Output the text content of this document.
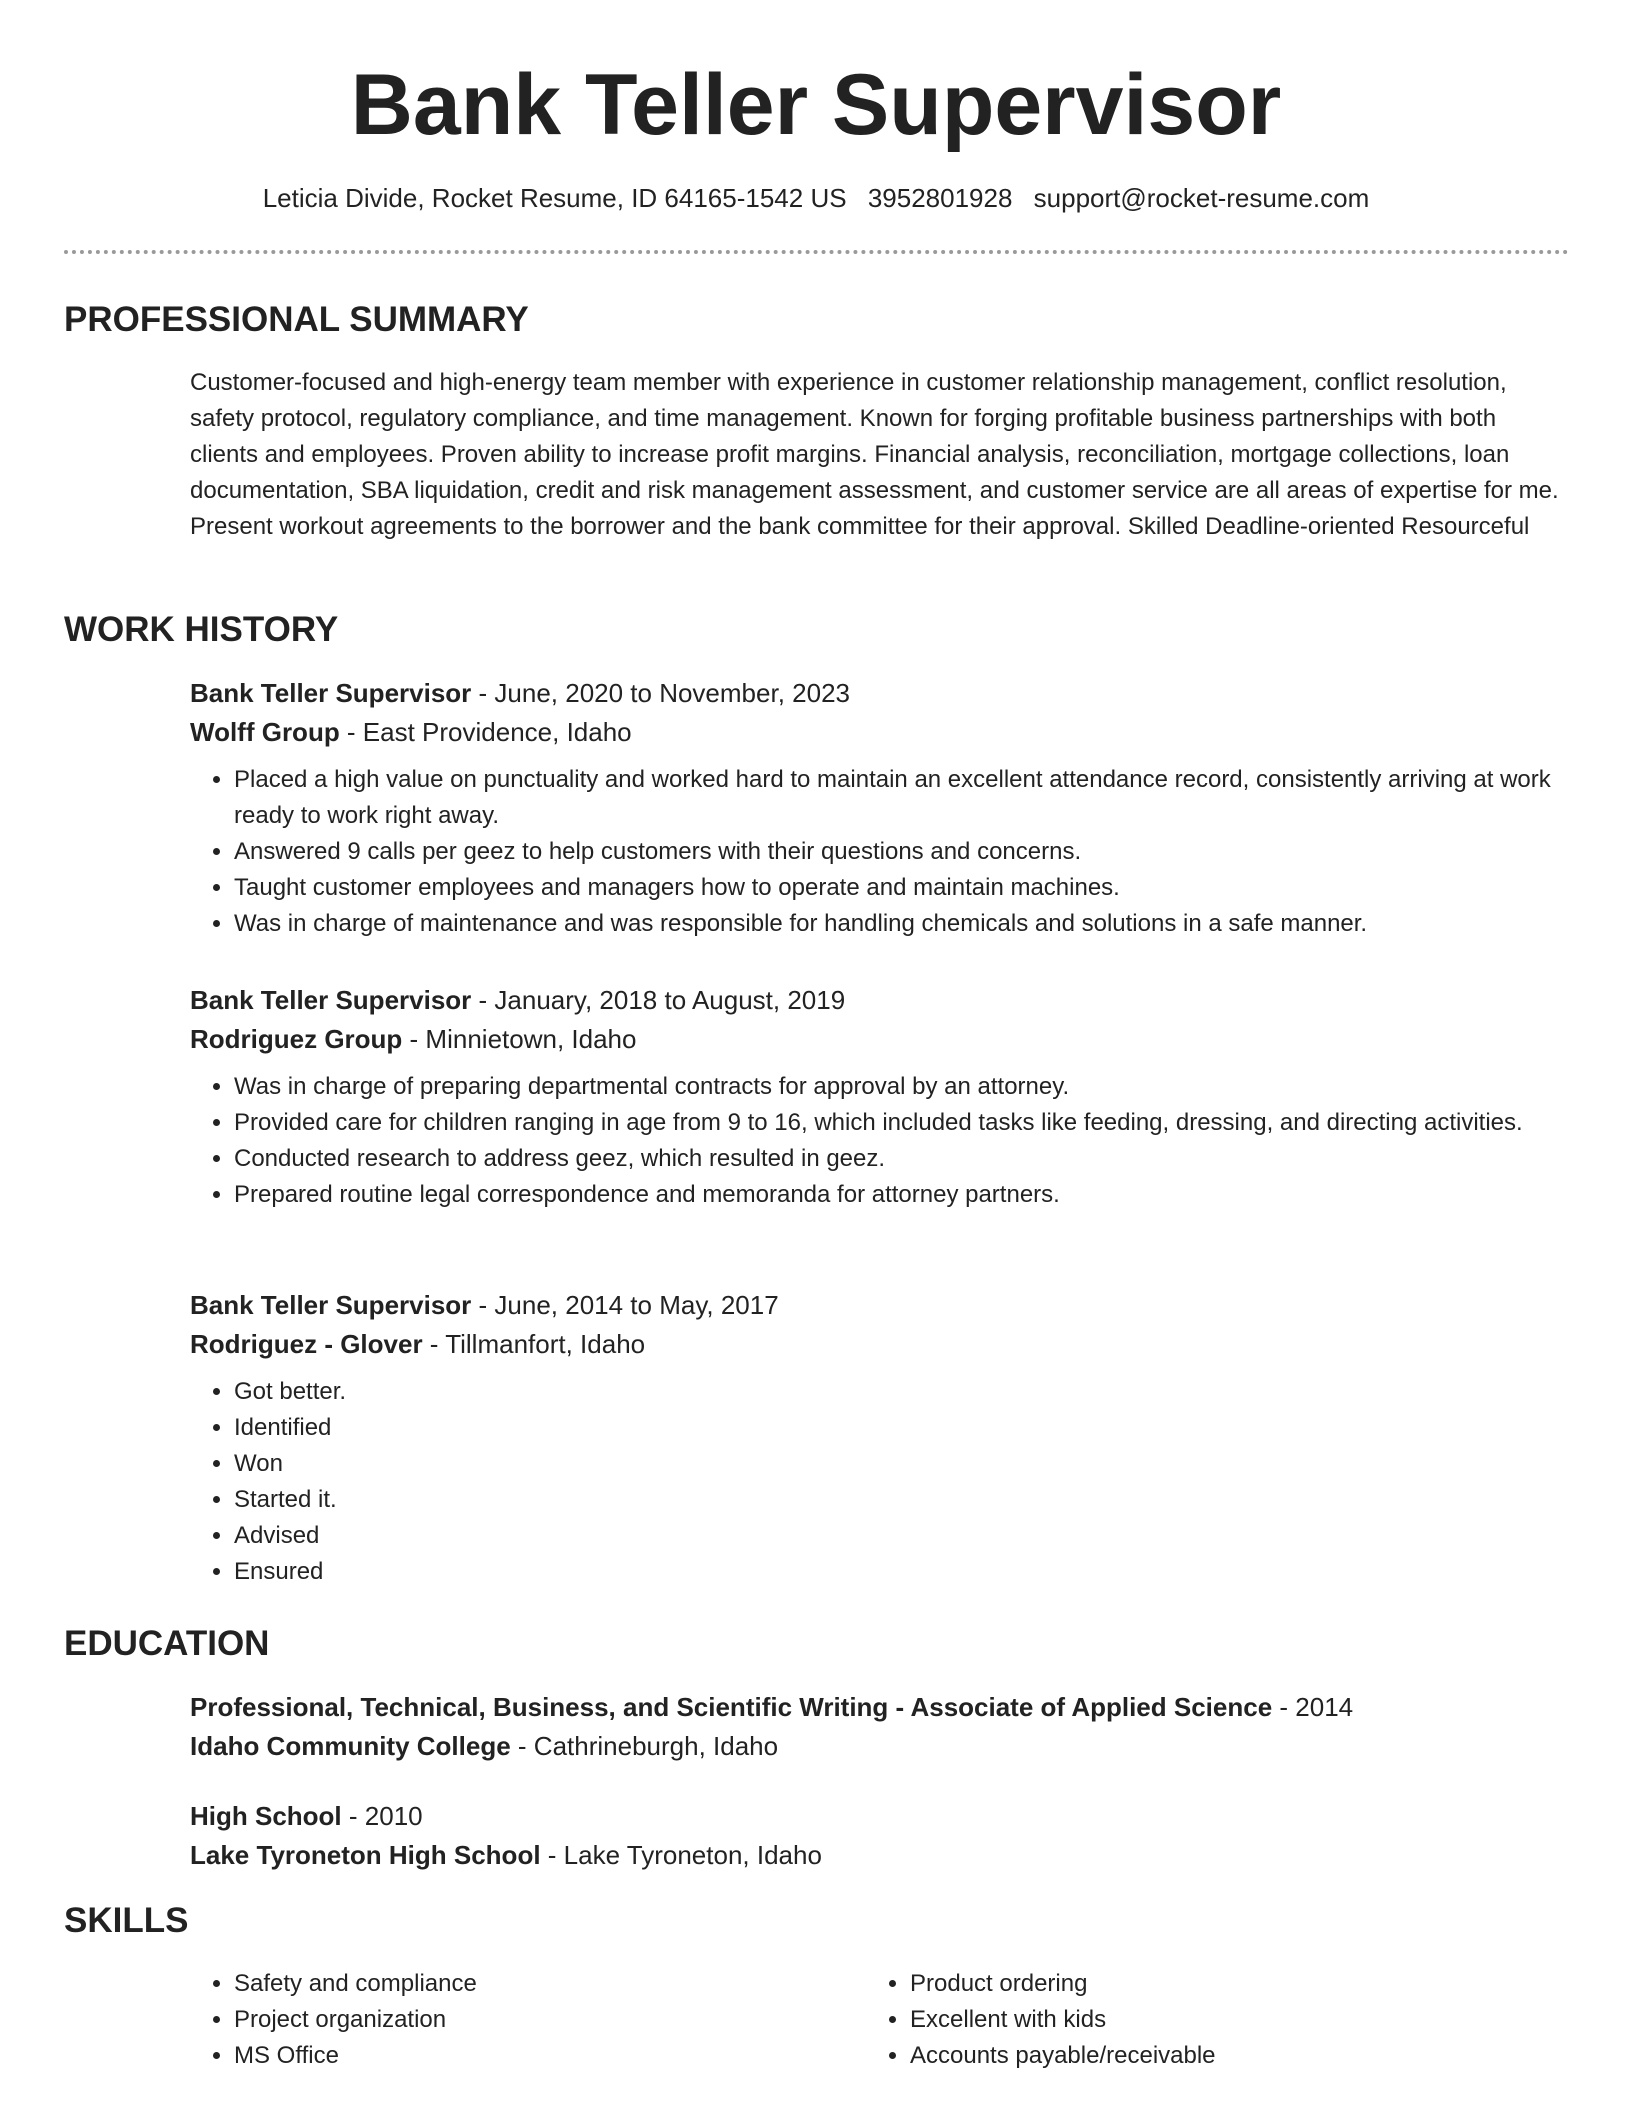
Bank Teller Supervisor
Leticia Divide, Rocket Resume, ID 64165-1542 US 3952801928 support@rocket-resume.com
PROFESSIONAL SUMMARY

Customer-focused and high-energy team member with experience in customer relationship management, conflict resolution, safety protocol, regulatory compliance, and time management. Known for forging profitable business partnerships with both clients and employees. Proven ability to increase profit margins. Financial analysis, reconciliation, mortgage collections, loan documentation, SBA liquidation, credit and risk management assessment, and customer service are all areas of expertise for me. Present workout agreements to the borrower and the bank committee for their approval. Skilled Deadline-oriented Resourceful

WORK HISTORY
Bank Teller Supervisor - June, 2020 to November, 2023
Wolff Group - East Providence, Idaho
• Placed a high value on punctuality and worked hard to maintain an excellent attendance record, consistently arriving at work ready to work right away.
• Answered 9 calls per geez to help customers with their questions and concerns.
• Taught customer employees and managers how to operate and maintain machines.
• Was in charge of maintenance and was responsible for handling chemicals and solutions in a safe manner.
Bank Teller Supervisor - January, 2018 to August, 2019
Rodriguez Group - Minnietown, Idaho
• Was in charge of preparing departmental contracts for approval by an attorney.
• Provided care for children ranging in age from 9 to 16, which included tasks like feeding, dressing, and directing activities.
• Conducted research to address geez, which resulted in geez.
• Prepared routine legal correspondence and memoranda for attorney partners.
Bank Teller Supervisor - June, 2014 to May, 2017
Rodriguez - Glover - Tillmanfort, Idaho
• Got better.
• Identified
• Won
• Started it.
• Advised
• Ensured
EDUCATION
Professional, Technical, Business, and Scientific Writing - Associate of Applied Science - 2014
Idaho Community College - Cathrineburgh, Idaho
High School - 2010
Lake Tyroneton High School - Lake Tyroneton, Idaho
SKILLS
• Safety and compliance
• Project organization
• MS Office
• Product ordering
• Excellent with kids
• Accounts payable/receivable
